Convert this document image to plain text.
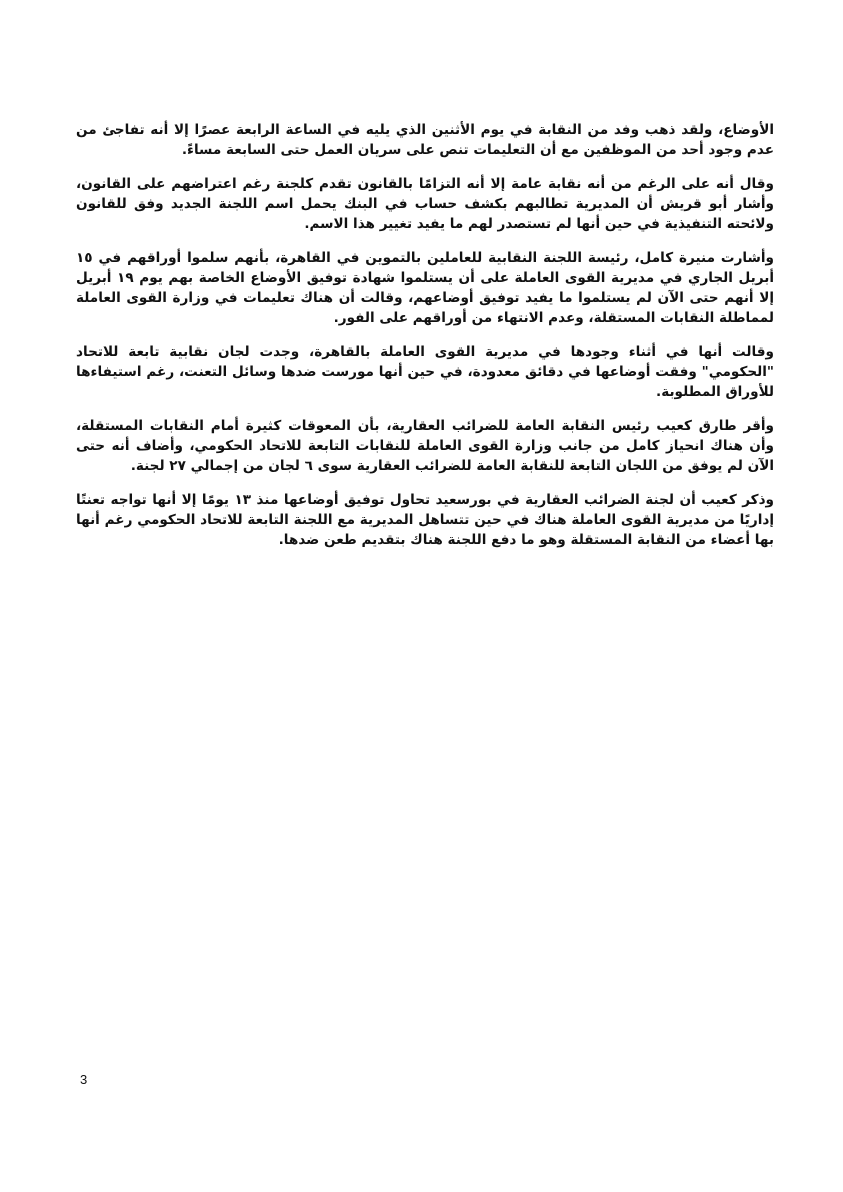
الأوضاع، ولقد ذهب وفد من النقابة في يوم الأثنين الذي يليه في الساعة الرابعة عصرًا إلا أنه تفاجئ من عدم وجود أحد من الموظفين مع أن التعليمات تنص على سريان العمل حتى السابعة مساءً.

وقال أنه على الرغم من أنه نقابة عامة إلا أنه التزامًا بالقانون تقدم كلجنة رغم اعتراضهم على القانون، وأشار أبو قريش أن المديرية تطالبهم بكشف حساب في البنك يحمل اسم اللجنة الجديد وفق للقانون ولائحته التنفيذية في حين أنها لم تستصدر لهم ما يفيد تغيير هذا الاسم.

وأشارت منيرة كامل، رئيسة اللجنة النقابية للعاملين بالتموين في القاهرة، بأنهم سلموا أوراقهم في ١٥ أبريل الجاري في مديرية القوى العاملة على أن يستلموا شهادة توفيق الأوضاع الخاصة بهم يوم ١٩ أبريل إلا أنهم حتى الآن لم يستلموا ما يفيد توفيق أوضاعهم، وقالت أن هناك تعليمات في وزارة القوى العاملة لمماطلة النقابات المستقلة، وعدم الانتهاء من أوراقهم على الفور.

وقالت أنها في أثناء وجودها في مديرية القوى العاملة بالقاهرة، وجدت لجان نقابية تابعة للاتحاد "الحكومي" وفقت أوضاعها في دقائق معدودة، في حين أنها مورست ضدها وسائل التعنت، رغم استيفاءها للأوراق المطلوبة.

وأقر طارق كعيب رئيس النقابة العامة للضرائب العقارية، بأن المعوقات كثيرة أمام النقابات المستقلة، وأن هناك انحياز كامل من جانب وزارة القوى العاملة للنقابات التابعة للاتحاد الحكومي، وأضاف أنه حتى الآن لم يوفق من اللجان التابعة للنقابة العامة للضرائب العقارية سوى ٦ لجان من إجمالي ٢٧ لجنة.

وذكر كعيب أن لجنة الضرائب العقارية في بورسعيد تحاول توفيق أوضاعها منذ ١٣ يومًا إلا أنها تواجه تعنتًا إداريًا من مديرية القوى العاملة هناك في حين تتساهل المديرية مع اللجنة التابعة للاتحاد الحكومي رغم أنها بها أعضاء من النقابة المستقلة وهو ما دفع اللجنة هناك بتقديم طعن ضدها.

3
